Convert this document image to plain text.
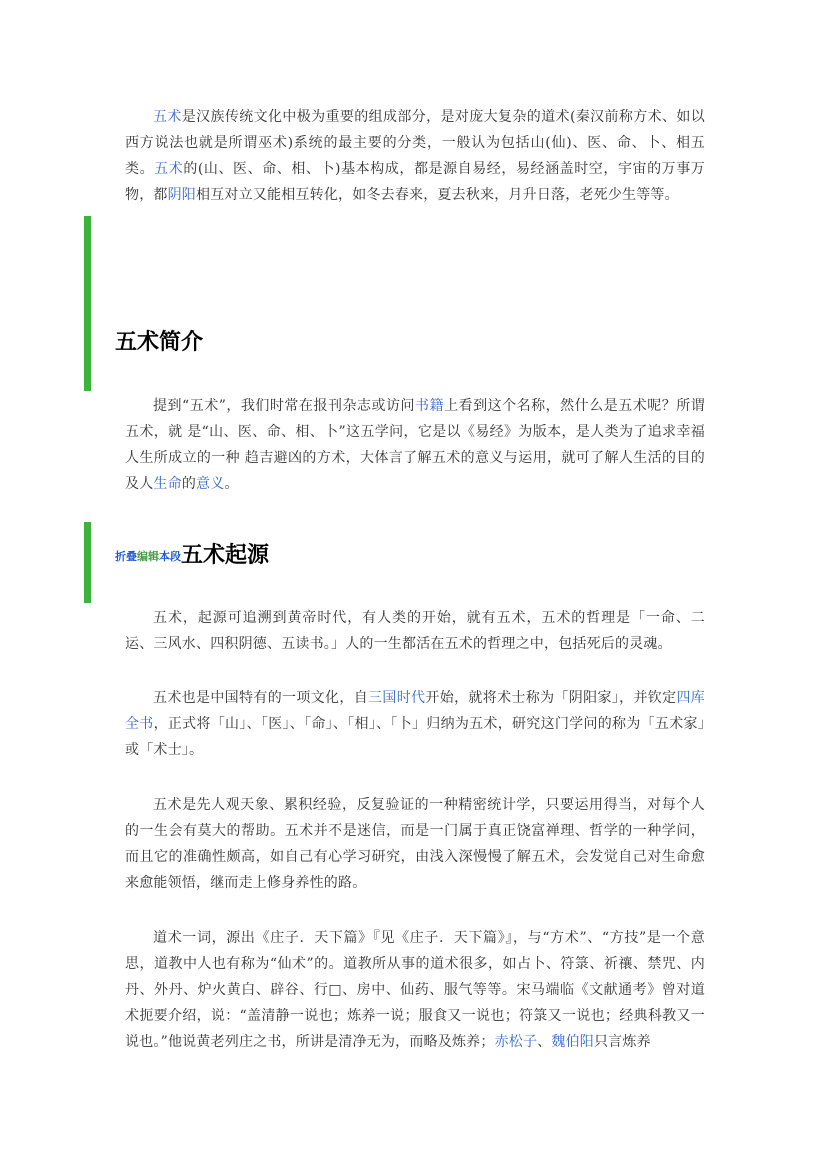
五术是汉族传统文化中极为重要的组成部分，是对庞大复杂的道术(秦汉前称方术、如以西方说法也就是所谓巫术)系统的最主要的分类，一般认为包括山(仙)、医、命、卜、相五类。五术的(山、医、命、相、卜)基本构成，都是源自易经，易经涵盖时空，宇宙的万事万物，都阴阳相互对立又能相互转化，如冬去春来，夏去秋来，月升日落，老死少生等等。

五术简介

提到“五术”，我们时常在报刊杂志或访问书籍上看到这个名称，然什么是五术呢？所谓五术，就 是“山、医、命、相、卜”这五学问，它是以《易经》为版本，是人类为了追求幸福人生所成立的一种 趋吉避凶的方术，大体言了解五术的意义与运用，就可了解人生活的目的及人生命的意义。

折叠编辑本段五术起源

五术，起源可追溯到黄帝时代，有人类的开始，就有五术，五术的哲理是「一命、二运、三风水、四积阴德、五读书。」人的一生都活在五术的哲理之中，包括死后的灵魂。

五术也是中国特有的一项文化，自三国时代开始，就将术士称为「阴阳家」，并钦定四库全书，正式将「山」、「医」、「命」、「相」、「卜」归纳为五术，研究这门学问的称为「五术家」或「术士」。

五术是先人观天象、累积经验，反复验证的一种精密统计学，只要运用得当，对每个人的一生会有莫大的帮助。五术并不是迷信，而是一门属于真正饶富禅理、哲学的一种学问，而且它的准确性颇高，如自己有心学习研究，由浅入深慢慢了解五术，会发觉自己对生命愈来愈能领悟，继而走上修身养性的路。

道术一词，源出《庄子．天下篇》『见《庄子．天下篇》』，与“方术”、“方技”是一个意思，道教中人也有称为“仙术”的。道教所从事的道术很多，如占卜、符箓、祈禳、禁咒、内丹、外丹、炉火黄白、辟谷、行□、房中、仙药、服气等等。宋马端临《文献通考》曾对道术扼要介绍，说：“盖清静一说也；炼养一说；服食又一说也；符箓又一说也；经典科教又一说也。”他说黄老列庄之书，所讲是清净无为，而略及炼养；赤松子、魏伯阳只言炼养
